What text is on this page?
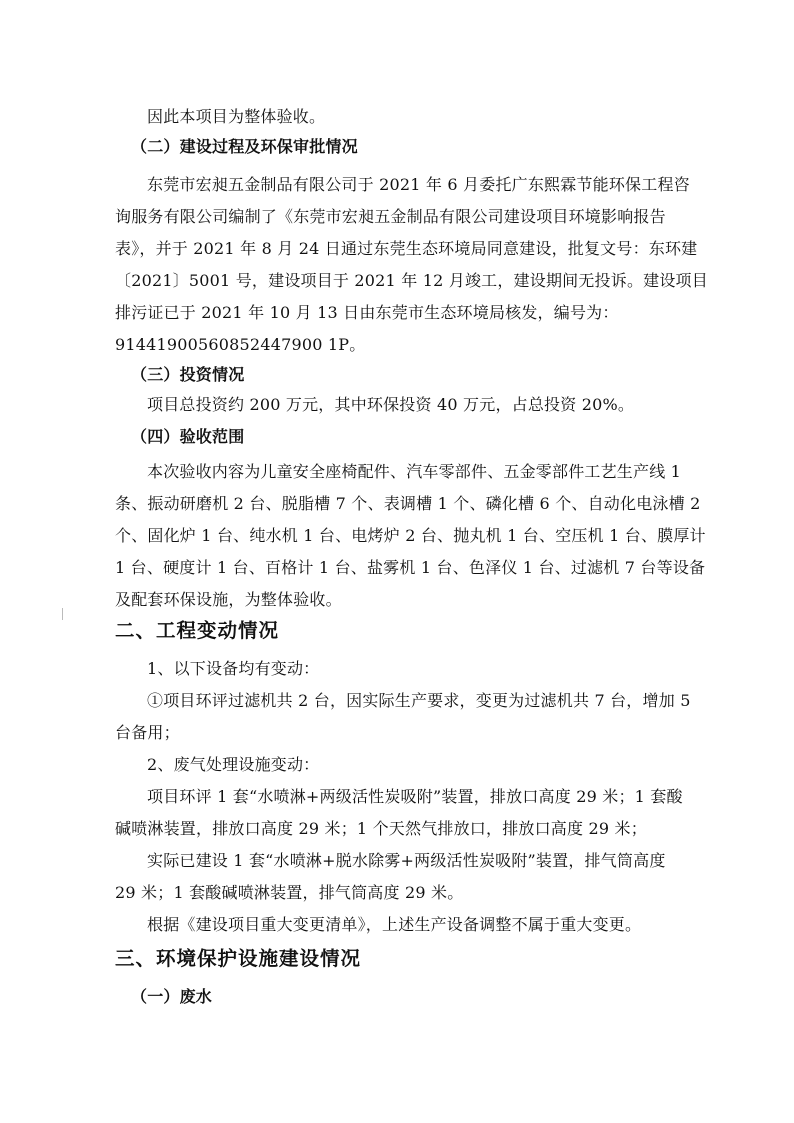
因此本项目为整体验收。
（二）建设过程及环保审批情况
东莞市宏昶五金制品有限公司于 2021 年 6 月委托广东熙霖节能环保工程咨
询服务有限公司编制了《东莞市宏昶五金制品有限公司建设项目环境影响报告
表》，并于 2021 年 8 月 24 日通过东莞生态环境局同意建设，批复文号：东环建
〔2021〕5001 号，建设项目于 2021 年 12 月竣工，建设期间无投诉。建设项目
排污证已于 2021 年 10 月 13 日由东莞市生态环境局核发，编号为：
91441900560852447900 1P。
（三）投资情况
项目总投资约 200 万元，其中环保投资 40 万元，占总投资 20%。
（四）验收范围
本次验收内容为儿童安全座椅配件、汽车零部件、五金零部件工艺生产线 1
条、振动研磨机 2 台、脱脂槽 7 个、表调槽 1 个、磷化槽 6 个、自动化电泳槽 2
个、固化炉 1 台、纯水机 1 台、电烤炉 2 台、抛丸机 1 台、空压机 1 台、膜厚计
1 台、硬度计 1 台、百格计 1 台、盐雾机 1 台、色泽仪 1 台、过滤机 7 台等设备
及配套环保设施，为整体验收。
二、工程变动情况
1、以下设备均有变动：
①项目环评过滤机共 2 台，因实际生产要求，变更为过滤机共 7 台，增加 5
台备用；
2、废气处理设施变动：
项目环评 1 套“水喷淋+两级活性炭吸附”装置，排放口高度 29 米；1 套酸
碱喷淋装置，排放口高度 29 米；1 个天然气排放口，排放口高度 29 米；
实际已建设 1 套“水喷淋+脱水除雾+两级活性炭吸附”装置，排气筒高度
29 米；1 套酸碱喷淋装置，排气筒高度 29 米。
根据《建设项目重大变更清单》，上述生产设备调整不属于重大变更。
三、环境保护设施建设情况
（一）废水
